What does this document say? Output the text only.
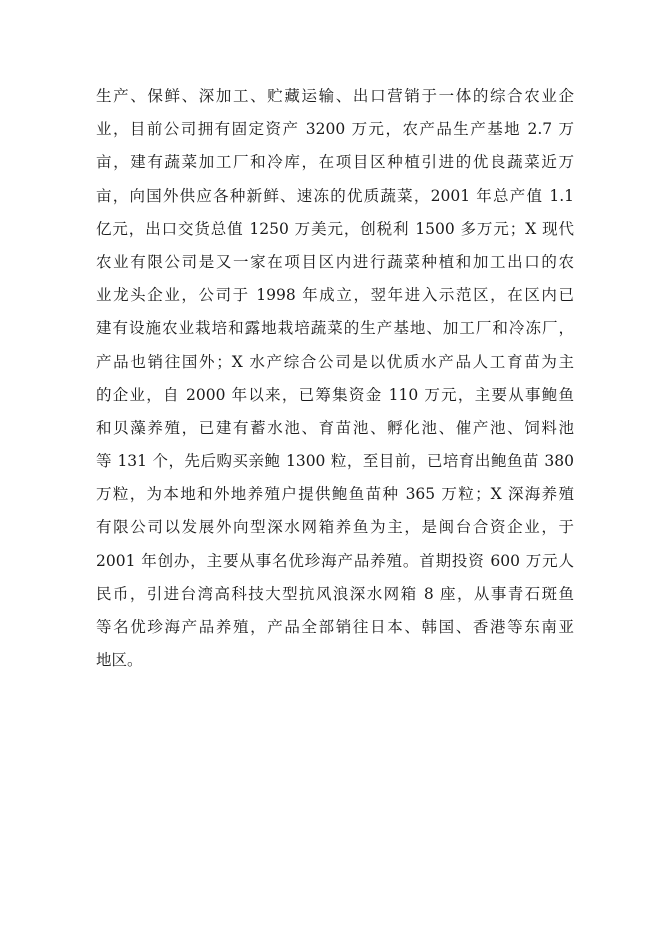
生产、保鲜、深加工、贮藏运输、出口营销于一体的综合农业企
业，目前公司拥有固定资产 3200 万元，农产品生产基地 2.7 万
亩，建有蔬菜加工厂和冷库，在项目区种植引进的优良蔬菜近万
亩，向国外供应各种新鲜、速冻的优质蔬菜，2001 年总产值 1.1
亿元，出口交货总值 1250 万美元，创税利 1500 多万元；X 现代
农业有限公司是又一家在项目区内进行蔬菜种植和加工出口的农
业龙头企业，公司于 1998 年成立，翌年进入示范区，在区内已
建有设施农业栽培和露地栽培蔬菜的生产基地、加工厂和冷冻厂，
产品也销往国外；X 水产综合公司是以优质水产品人工育苗为主
的企业，自 2000 年以来，已筹集资金 110 万元，主要从事鲍鱼
和贝藻养殖，已建有蓄水池、育苗池、孵化池、催产池、饲料池
等 131 个，先后购买亲鲍 1300 粒，至目前，已培育出鲍鱼苗 380
万粒，为本地和外地养殖户提供鲍鱼苗种 365 万粒；X 深海养殖
有限公司以发展外向型深水网箱养鱼为主，是闽台合资企业，于
2001 年创办，主要从事名优珍海产品养殖。首期投资 600 万元人
民币，引进台湾高科技大型抗风浪深水网箱 8 座，从事青石斑鱼
等名优珍海产品养殖，产品全部销往日本、韩国、香港等东南亚
地区。
